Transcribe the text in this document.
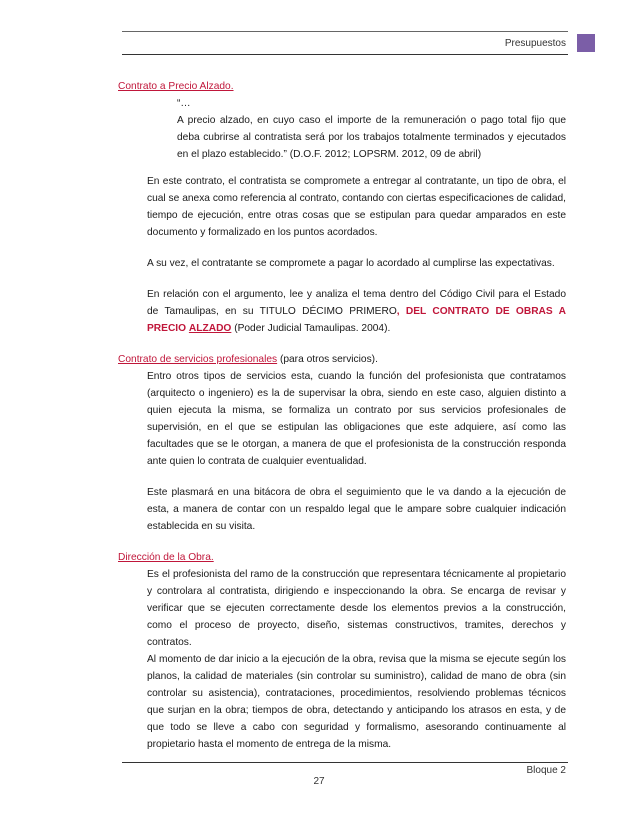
Presupuestos

Contrato a Precio Alzado.

“…

A precio alzado, en cuyo caso el importe de la remuneración o pago total fijo que deba cubrirse al contratista será por los trabajos totalmente terminados y ejecutados en el plazo establecido.” (D.O.F. 2012; LOPSRM. 2012, 09 de abril)

En este contrato, el contratista se compromete a entregar al contratante, un tipo de obra, el cual se anexa como referencia al contrato, contando con ciertas especificaciones de calidad, tiempo de ejecución, entre otras cosas que se estipulan para quedar amparados en este documento y formalizado en los puntos acordados.

A su vez, el contratante se compromete a pagar lo acordado al cumplirse las expectativas.

En relación con el argumento, lee y analiza el tema dentro del Código Civil para el Estado de Tamaulipas, en su TITULO DÉCIMO PRIMERO, DEL CONTRATO DE OBRAS A PRECIO ALZADO (Poder Judicial Tamaulipas. 2004).

Contrato de servicios profesionales (para otros servicios).

Entro otros tipos de servicios esta, cuando la función del profesionista que contratamos (arquitecto o ingeniero) es la de supervisar la obra, siendo en este caso, alguien distinto a quien ejecuta la misma, se formaliza un contrato por sus servicios profesionales de supervisión, en el que se estipulan las obligaciones que este adquiere, así como las facultades que se le otorgan, a manera de que el profesionista de la construcción responda ante quien lo contrata de cualquier eventualidad.

Este plasmará en una bitácora de obra el seguimiento que le va dando a la ejecución de esta, a manera de contar con un respaldo legal que le ampare sobre cualquier indicación establecida en su visita.

Dirección de la Obra.

Es el profesionista del ramo de la construcción que representara técnicamente al propietario y controlara al contratista, dirigiendo e inspeccionando la obra. Se encarga de revisar y verificar que se ejecuten correctamente desde los elementos previos a la construcción, como el proceso de proyecto, diseño, sistemas constructivos, tramites, derechos y contratos.

Al momento de dar inicio a la ejecución de la obra, revisa que la misma se ejecute según los planos, la calidad de materiales (sin controlar su suministro), calidad de mano de obra (sin controlar su asistencia), contrataciones, procedimientos, resolviendo problemas técnicos que surjan en la obra; tiempos de obra, detectando y anticipando los atrasos en esta, y de que todo se lleve a cabo con seguridad y formalismo, asesorando continuamente al propietario hasta el momento de entrega de la misma.

Bloque 2
27
